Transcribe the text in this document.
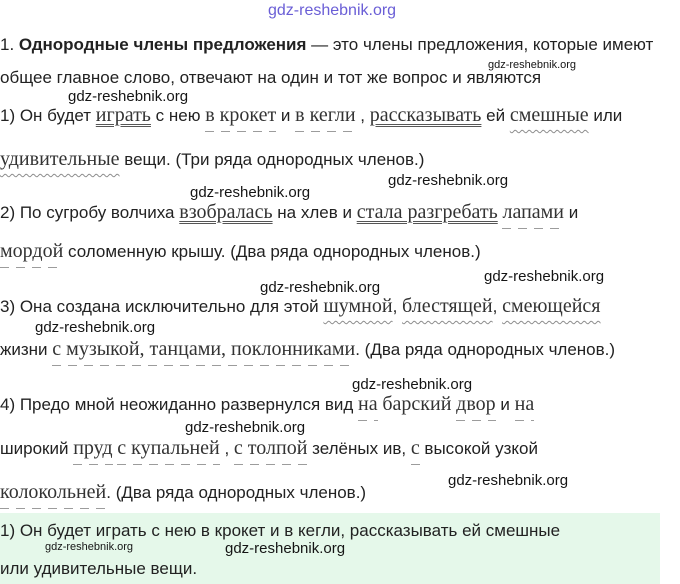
1. Однородные члены предложения — это члены предложения, которые имеют
общее главное слово, отвечают на один и тот же вопрос и являются
1) Он будет играть с нею в крокет и в кегли , рассказывать ей смешные или
удивительные вещи. (Три ряда однородных членов.)
2) По сугробу волчиха взобралась на хлев и стала разгребать лапами и
мордой соломенную крышу. (Два ряда однородных членов.)
3) Она создана исключительно для этой шумной, блестящей, смеющейся
жизни с музыкой, танцами, поклонниками. (Два ряда однородных членов.)
4) Предо мной неожиданно развернулся вид на барский двор и на
широкий пруд с купальней , с толпой зелёных ив, с высокой узкой
колокольней. (Два ряда однородных членов.)
1) Он будет играть с нею в крокет и в кегли, рассказывать ей смешные
или удивительные вещи.
gdz-reshebnik.org
gdz-reshebnik.org
gdz-reshebnik.org
gdz-reshebnik.org
gdz-reshebnik.org
gdz-reshebnik.org
gdz-reshebnik.org
gdz-reshebnik.org
gdz-reshebnik.org
gdz-reshebnik.org
gdz-reshebnik.org
gdz-reshebnik.org	gdz-reshebnik.org
